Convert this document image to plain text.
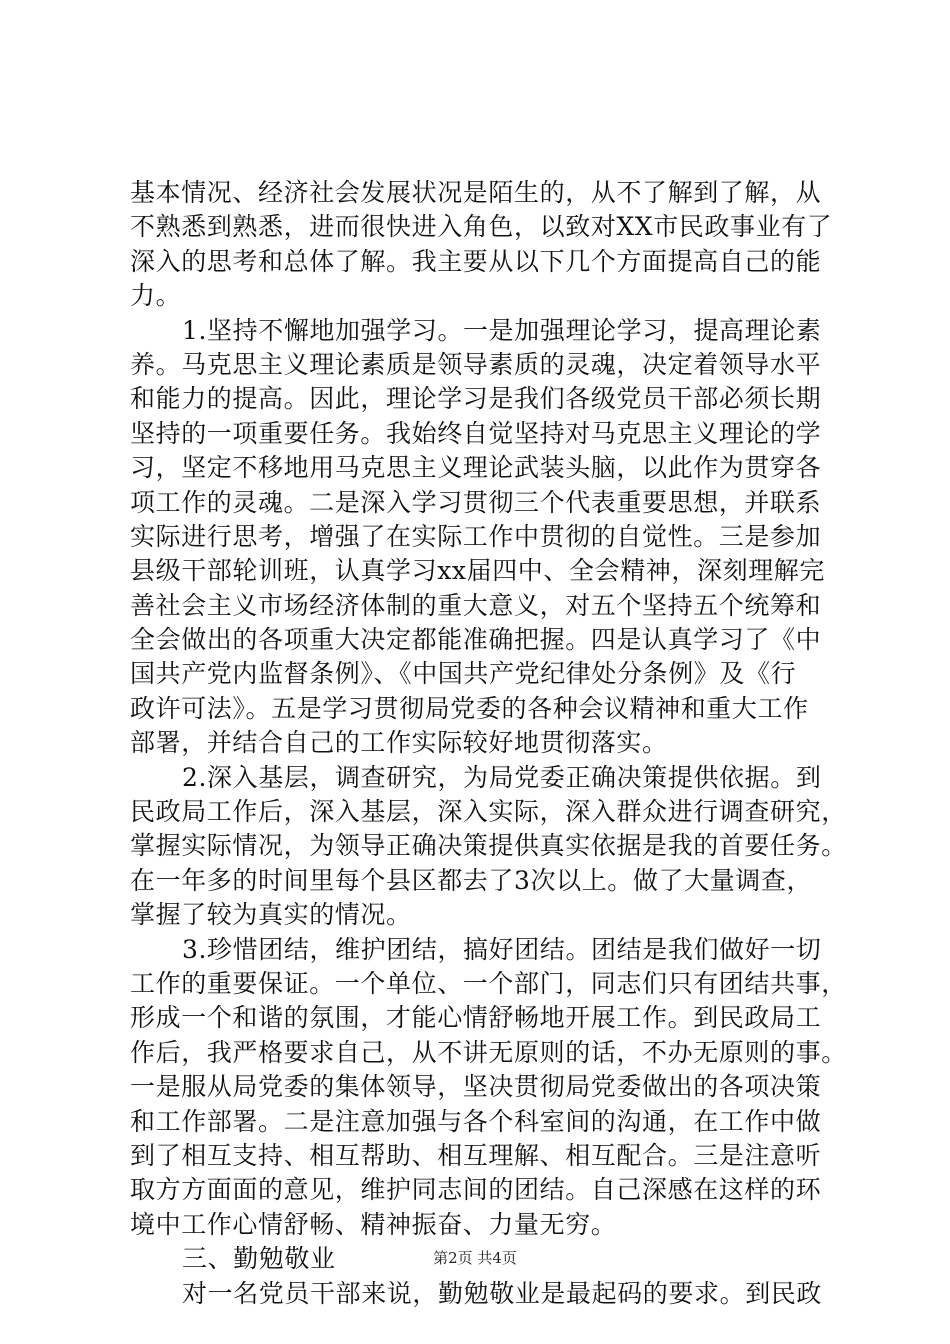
基本情况、经济社会发展状况是陌生的，从不了解到了解，从
不熟悉到熟悉，进而很快进入角色，以致对XX市民政事业有了
深入的思考和总体了解。我主要从以下几个方面提高自己的能
力。
1.坚持不懈地加强学习。一是加强理论学习，提高理论素
养。马克思主义理论素质是领导素质的灵魂，决定着领导水平
和能力的提高。因此，理论学习是我们各级党员干部必须长期
坚持的一项重要任务。我始终自觉坚持对马克思主义理论的学
习，坚定不移地用马克思主义理论武装头脑，以此作为贯穿各
项工作的灵魂。二是深入学习贯彻三个代表重要思想，并联系
实际进行思考，增强了在实际工作中贯彻的自觉性。三是参加
县级干部轮训班，认真学习xx届四中、全会精神，深刻理解完
善社会主义市场经济体制的重大意义，对五个坚持五个统筹和
全会做出的各项重大决定都能准确把握。四是认真学习了《中
国共产党内监督条例》、《中国共产党纪律处分条例》及《行
政许可法》。五是学习贯彻局党委的各种会议精神和重大工作
部署，并结合自己的工作实际较好地贯彻落实。
2.深入基层，调查研究，为局党委正确决策提供依据。到
民政局工作后，深入基层，深入实际，深入群众进行调查研究，
掌握实际情况，为领导正确决策提供真实依据是我的首要任务。
在一年多的时间里每个县区都去了3次以上。做了大量调查，
掌握了较为真实的情况。
3.珍惜团结，维护团结，搞好团结。团结是我们做好一切
工作的重要保证。一个单位、一个部门，同志们只有团结共事，
形成一个和谐的氛围，才能心情舒畅地开展工作。到民政局工
作后，我严格要求自己，从不讲无原则的话，不办无原则的事。
一是服从局党委的集体领导，坚决贯彻局党委做出的各项决策
和工作部署。二是注意加强与各个科室间的沟通，在工作中做
到了相互支持、相互帮助、相互理解、相互配合。三是注意听
取方方面面的意见，维护同志间的团结。自己深感在这样的环
境中工作心情舒畅、精神振奋、力量无穷。
三、勤勉敬业
对一名党员干部来说，勤勉敬业是最起码的要求。到民政
第2页 共4页
